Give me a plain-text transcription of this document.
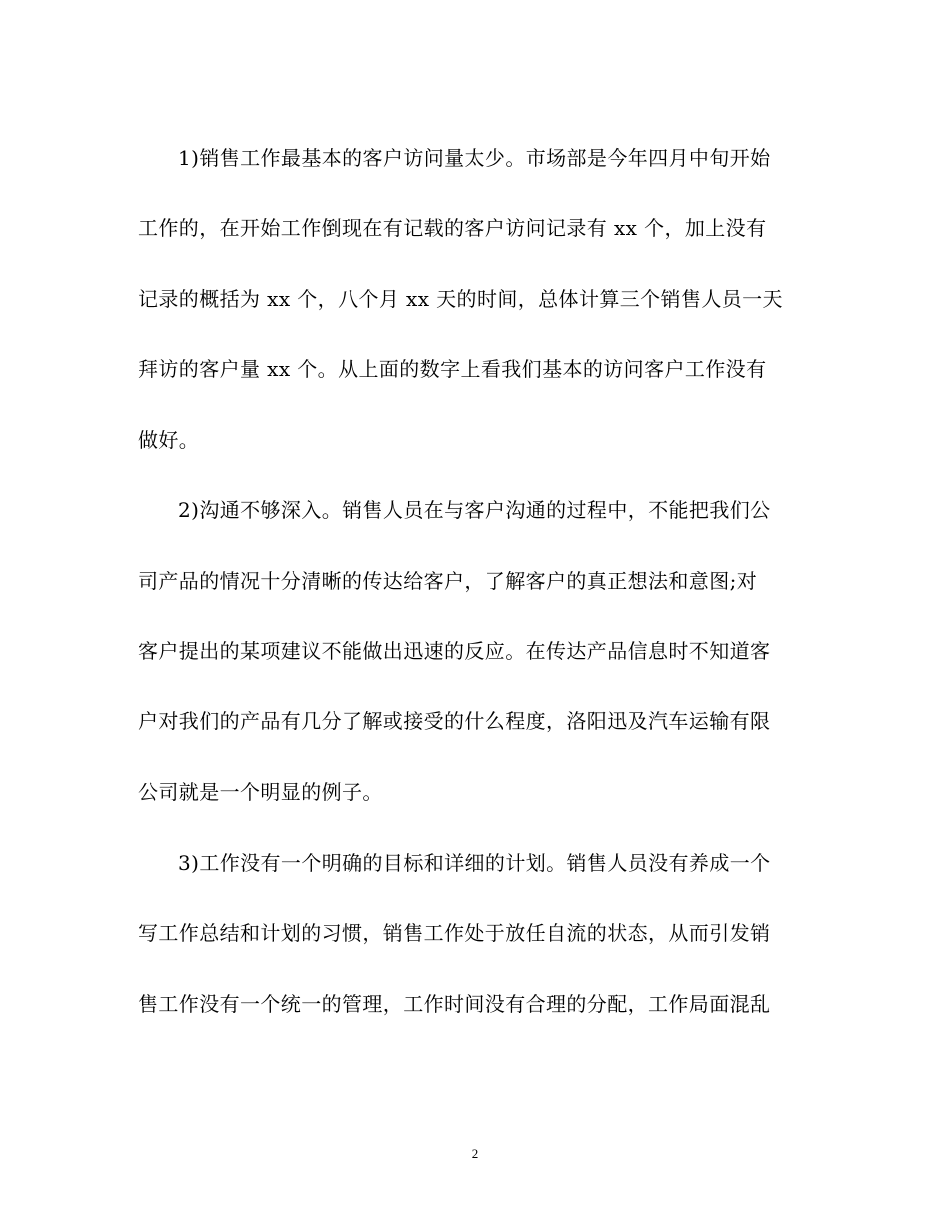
1)销售工作最基本的客户访问量太少。市场部是今年四月中旬开始
工作的，在开始工作倒现在有记载的客户访问记录有 xx 个，加上没有
记录的概括为 xx 个，八个月 xx 天的时间，总体计算三个销售人员一天
拜访的客户量 xx 个。从上面的数字上看我们基本的访问客户工作没有
做好。
2)沟通不够深入。销售人员在与客户沟通的过程中，不能把我们公
司产品的情况十分清晰的传达给客户，了解客户的真正想法和意图;对
客户提出的某项建议不能做出迅速的反应。在传达产品信息时不知道客
户对我们的产品有几分了解或接受的什么程度，洛阳迅及汽车运输有限
公司就是一个明显的例子。
3)工作没有一个明确的目标和详细的计划。销售人员没有养成一个
写工作总结和计划的习惯，销售工作处于放任自流的状态，从而引发销
售工作没有一个统一的管理，工作时间没有合理的分配，工作局面混乱
2
